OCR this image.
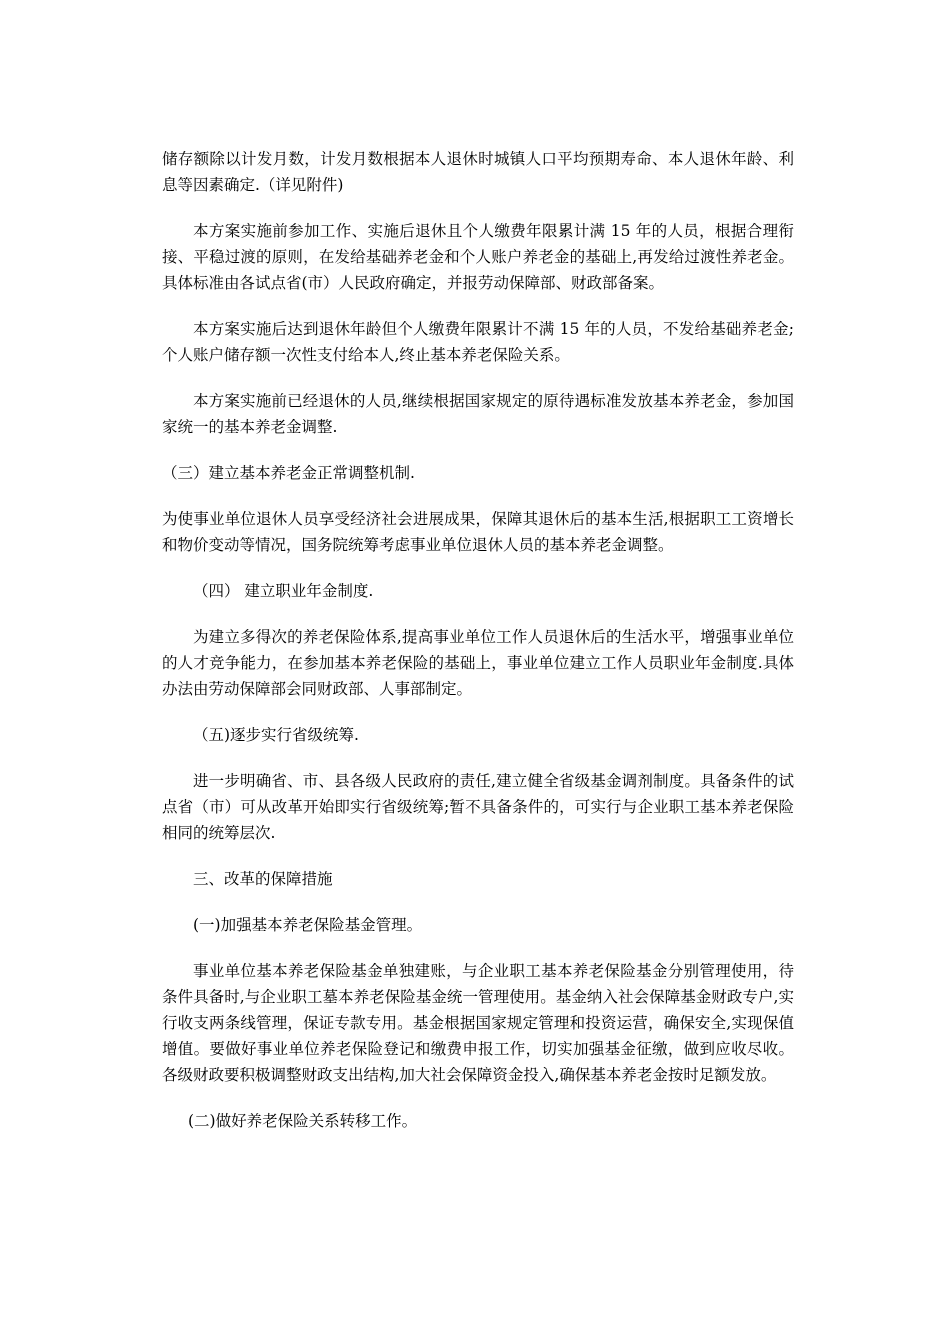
储存额除以计发月数，计发月数根据本人退休时城镇人口平均预期寿命、本人退休年龄、利息等因素确定.（详见附件)

本方案实施前参加工作、实施后退休且个人缴费年限累计满 15 年的人员，根据合理衔接、平稳过渡的原则，在发给基础养老金和个人账户养老金的基础上,再发给过渡性养老金。具体标准由各试点省(市）人民政府确定，并报劳动保障部、财政部备案。

本方案实施后达到退休年龄但个人缴费年限累计不满 15 年的人员，不发给基础养老金;个人账户储存额一次性支付给本人,终止基本养老保险关系。

本方案实施前已经退休的人员,继续根据国家规定的原待遇标准发放基本养老金，参加国家统一的基本养老金调整.

（三）建立基本养老金正常调整机制.

为使事业单位退休人员享受经济社会进展成果，保障其退休后的基本生活,根据职工工资增长和物价变动等情况，国务院统筹考虑事业单位退休人员的基本养老金调整。

（四） 建立职业年金制度.

为建立多得次的养老保险体系,提高事业单位工作人员退休后的生活水平，增强事业单位的人才竞争能力，在参加基本养老保险的基础上，事业单位建立工作人员职业年金制度.具体办法由劳动保障部会同财政部、人事部制定。

（五)逐步实行省级统筹.

进一步明确省、市、县各级人民政府的责任,建立健全省级基金调剂制度。具备条件的试点省（市）可从改革开始即实行省级统筹;暂不具备条件的，可实行与企业职工基本养老保险相同的统筹层次.

三、改革的保障措施

(一)加强基本养老保险基金管理。

事业单位基本养老保险基金单独建账，与企业职工基本养老保险基金分别管理使用，待条件具备时,与企业职工墓本养老保险基金统一管理使用。基金纳入社会保障基金财政专户,实行收支两条线管理，保证专款专用。基金根据国家规定管理和投资运营，确保安全,实现保值增值。要做好事业单位养老保险登记和缴费申报工作，切实加强基金征缴，做到应收尽收。各级财政要积极调整财政支出结构,加大社会保障资金投入,确保基本养老金按时足额发放。

(二)做好养老保险关系转移工作。
